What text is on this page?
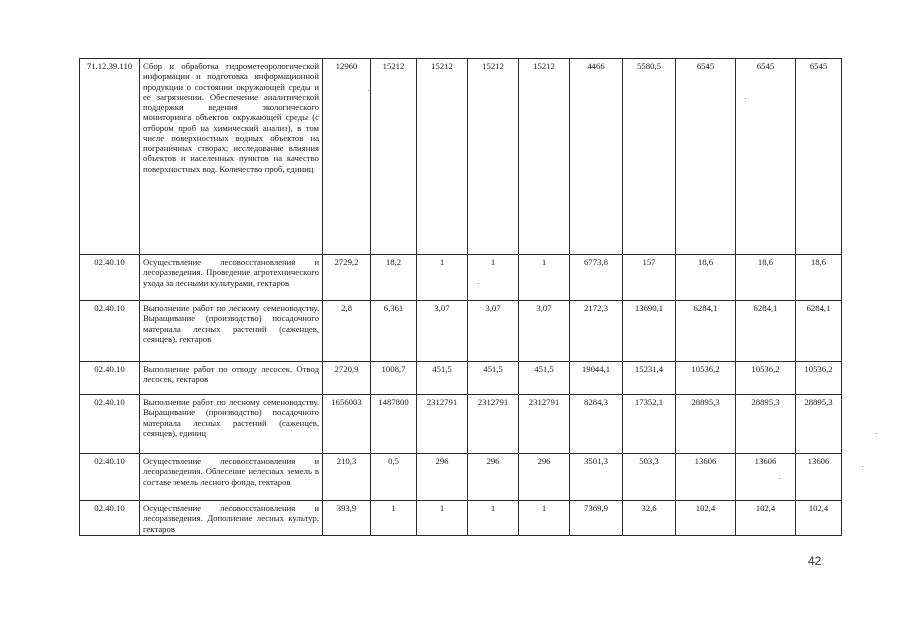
71.12.39.110	Сбор и обработка гидрометеорологической информации и подготовка информационной продукции о состоянии окружающей среды и ее загрязнении. Обеспечение аналитической поддержки ведения экологического мониторинга объектов окружающей среды (с отбором проб на химический анализ), в том числе поверхностных водных объектов на пограничных створах; исследование влияния объектов и населенных пунктов на качество поверхностных вод. Количество проб, единиц	12960	15212	15212	15212	15212	4466	5580,5	6545	6545	6545
02.40.10	Осуществление лесовосстановления и лесоразведения. Проведение агротехнического ухода за лесными культурами, гектаров	2729,2	18,2	1	1	1	6773,8	157	18,6	18,6	18,6
02.40.10	Выполнение работ по лесному семеноводству. Выращивание (производство) посадочного материала лесных растений (саженцев, сеянцев), гектаров	2,8	6,361	3,07	3,07	3,07	2172,3	13690,1	6284,1	6284,1	6284,1
02.40.10	Выполнение работ по отводу лесосек. Отвод лесосек, гектаров	2720,9	1008,7	451,5	451,5	451,5	19044,1	15231,4	10536,2	10536,2	10536,2
02.40.10	Выполнение работ по лесному семеноводству. Выращивание (производство) посадочного материала лесных растений (саженцев, сеянцев), единиц	1656003	1487800	2312791	2312791	2312791	8284,3	17352,1	28895,3	28895,3	28895,3
02.40.10	Осуществление лесовосстановления и лесоразведения. Облесение нелесных земель в составе земель лесного фонда, гектаров	210,3	0,5	296	296	296	3501,3	503,3	13606	13606	13606
02.40.10	Осуществление лесовосстановления и лесоразведения. Дополнение лесных культур, гектаров	393,9	1	1	1	1	7369,9	32,6	102,4	102,4	102,4
42
